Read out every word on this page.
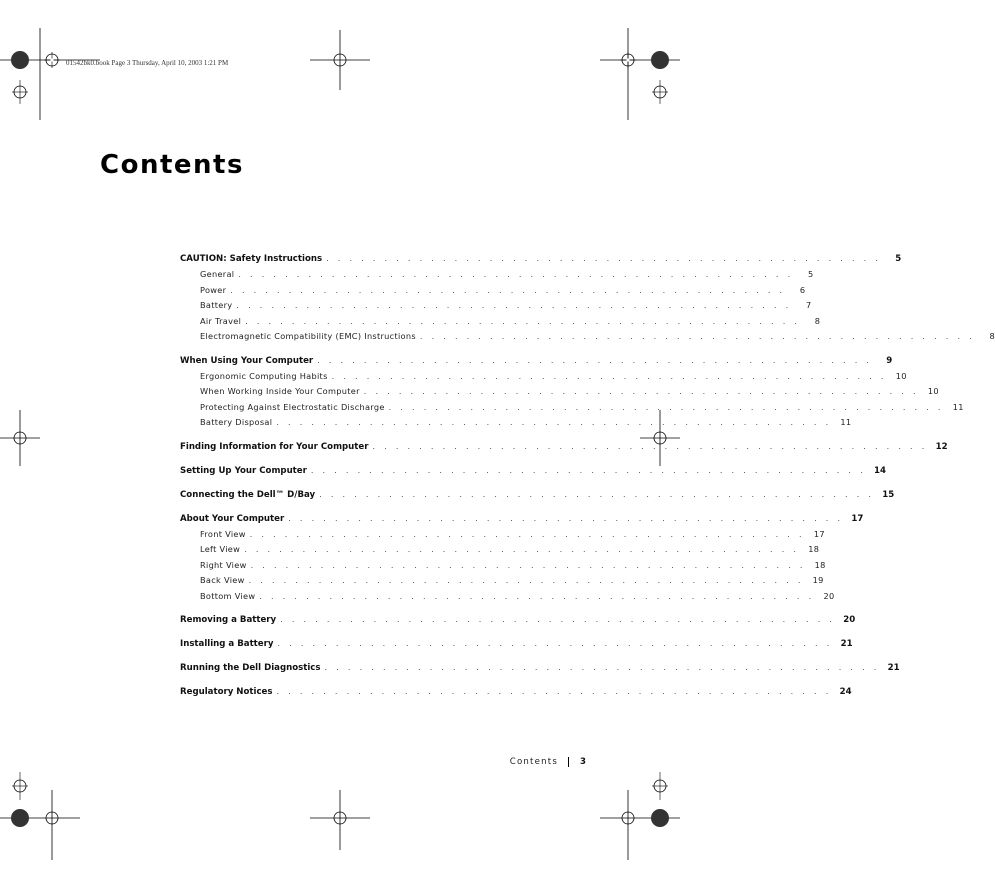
01542bk0.book Page 3 Thursday, April 10, 2003 1:21 PM
Contents
CAUTION: Safety Instructions . . . . . . . . . . . . . . . . . . . . . . . . . . . . . . . . . . . . . . . . . . . . . . . .	5
General . . . . . . . . . . . . . . . . . . . . . . . . . . . . . . . . . . . . . . . . . . . . . . . .	5
Power . . . . . . . . . . . . . . . . . . . . . . . . . . . . . . . . . . . . . . . . . . . . . . . .	6
Battery . . . . . . . . . . . . . . . . . . . . . . . . . . . . . . . . . . . . . . . . . . . . . . . .	7
Air Travel . . . . . . . . . . . . . . . . . . . . . . . . . . . . . . . . . . . . . . . . . . . . . . . .	8
Electromagnetic Compatibility (EMC) Instructions . . . . . . . . . . . . . . . . . . . . . . . . . . . . . . . . . . . . . . . . . . . . . . . .	8
When Using Your Computer . . . . . . . . . . . . . . . . . . . . . . . . . . . . . . . . . . . . . . . . . . . . . . . .	9
Ergonomic Computing Habits . . . . . . . . . . . . . . . . . . . . . . . . . . . . . . . . . . . . . . . . . . . . . . . .	10
When Working Inside Your Computer . . . . . . . . . . . . . . . . . . . . . . . . . . . . . . . . . . . . . . . . . . . . . . . .	10
Protecting Against Electrostatic Discharge . . . . . . . . . . . . . . . . . . . . . . . . . . . . . . . . . . . . . . . . . . . . . . . .	11
Battery Disposal . . . . . . . . . . . . . . . . . . . . . . . . . . . . . . . . . . . . . . . . . . . . . . . .	11
Finding Information for Your Computer . . . . . . . . . . . . . . . . . . . . . . . . . . . . . . . . . . . . . . . . . . . . . . . . 12
Setting Up Your Computer . . . . . . . . . . . . . . . . . . . . . . . . . . . . . . . . . . . . . . . . . . . . . . . . 14
Connecting the Dell™ D/Bay . . . . . . . . . . . . . . . . . . . . . . . . . . . . . . . . . . . . . . . . . . . . . . . . 15
About Your Computer . . . . . . . . . . . . . . . . . . . . . . . . . . . . . . . . . . . . . . . . . . . . . . . . 17
Front View . . . . . . . . . . . . . . . . . . . . . . . . . . . . . . . . . . . . . . . . . . . . . . . .	17
Left View . . . . . . . . . . . . . . . . . . . . . . . . . . . . . . . . . . . . . . . . . . . . . . . .	18
Right View . . . . . . . . . . . . . . . . . . . . . . . . . . . . . . . . . . . . . . . . . . . . . . . .	18
Back View . . . . . . . . . . . . . . . . . . . . . . . . . . . . . . . . . . . . . . . . . . . . . . . .	19
Bottom View . . . . . . . . . . . . . . . . . . . . . . . . . . . . . . . . . . . . . . . . . . . . . . . .	20
Removing a Battery . . . . . . . . . . . . . . . . . . . . . . . . . . . . . . . . . . . . . . . . . . . . . . . . 20
Installing a Battery . . . . . . . . . . . . . . . . . . . . . . . . . . . . . . . . . . . . . . . . . . . . . . . . 21
Running the Dell Diagnostics . . . . . . . . . . . . . . . . . . . . . . . . . . . . . . . . . . . . . . . . . . . . . . . . 21
Regulatory Notices . . . . . . . . . . . . . . . . . . . . . . . . . . . . . . . . . . . . . . . . . . . . . . . . 24
Contents	3
